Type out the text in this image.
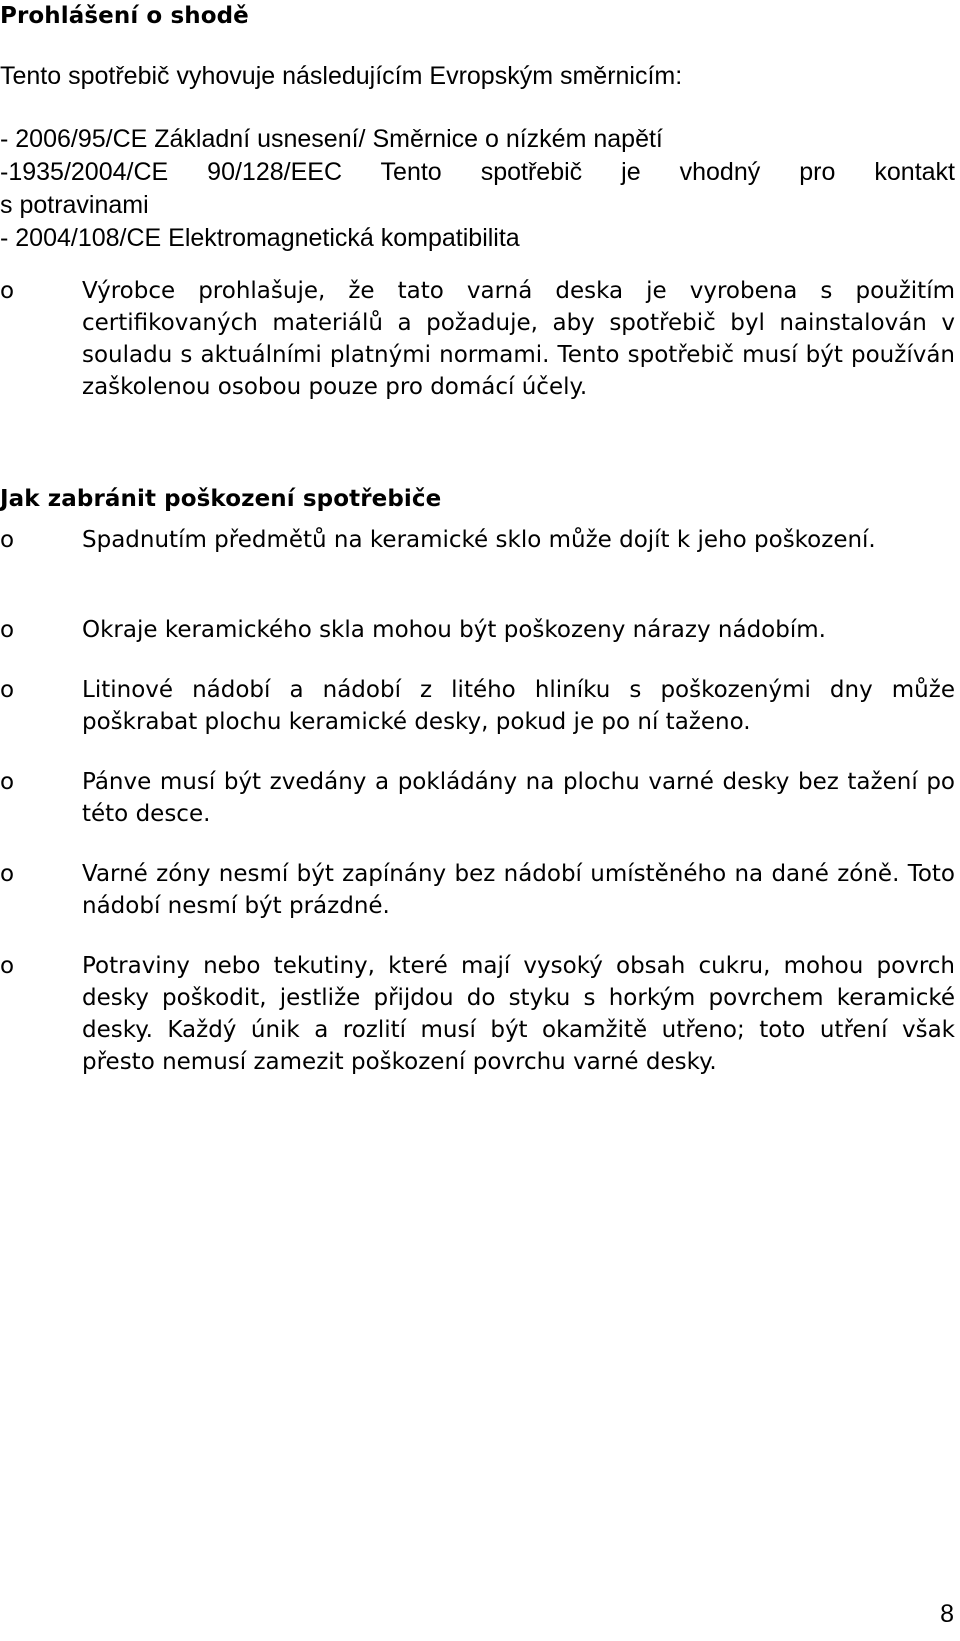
Prohlášení o shodě

Tento spotřebič vyhovuje následujícím Evropským směrnicím:

- 2006/95/CE Základní usnesení/ Směrnice o nízkém napětí
-1935/2004/CE 90/128/EEC Tento spotřebič je vhodný pro kontakt
s potravinami
- 2004/108/CE Elektromagnetická kompatibilita
o	Výrobce prohlašuje, že tato varná deska je vyrobena s použitím certifikovaných materiálů a požaduje, aby spotřebič byl nainstalován v souladu s aktuálními platnými normami. Tento spotřebič musí být používán zaškolenou osobou pouze pro domácí účely.

Jak zabránit poškození spotřebiče
o	Spadnutím předmětů na keramické sklo může dojít k jeho poškození.

o	Okraje keramického skla mohou být poškozeny nárazy nádobím.

o	Litinové nádobí a nádobí z litého hliníku s poškozenými dny může poškrabat plochu keramické desky, pokud je po ní taženo.

o	Pánve musí být zvedány a pokládány na plochu varné desky bez tažení po této desce.

o	Varné zóny nesmí být zapínány bez nádobí umístěného na dané zóně. Toto nádobí nesmí být prázdné.

o	Potraviny nebo tekutiny, které mají vysoký obsah cukru, mohou povrch desky poškodit, jestliže přijdou do styku s horkým povrchem keramické desky. Každý únik a rozlití musí být okamžitě utřeno; toto utření však přesto nemusí zamezit poškození povrchu varné desky.

8
